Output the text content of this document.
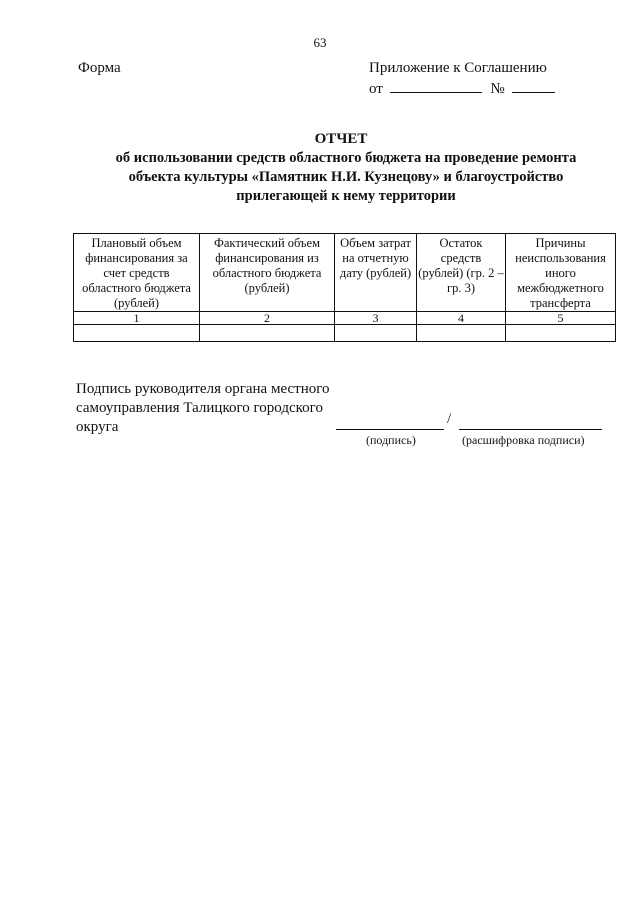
63
Форма	Приложение к Соглашению
от	№
ОТЧЕТ
об использовании средств областного бюджета на проведение ремонта объекта культуры «Памятник Н.И. Кузнецову» и благоустройство прилегающей к нему территории
Плановый объем финансирования за счет средств областного бюджета (рублей)	Фактический объем финансирования из областного бюджета (рублей)	Объем затрат на отчетную дату (рублей)	Остаток средств (рублей) (гр. 2 – гр. 3)	Причины неиспользования иного межбюджетного трансферта
1	2	3	4	5

Подпись руководителя органа местного самоуправления Талицкого городского округа	/
(подпись)	(расшифровка подписи)
